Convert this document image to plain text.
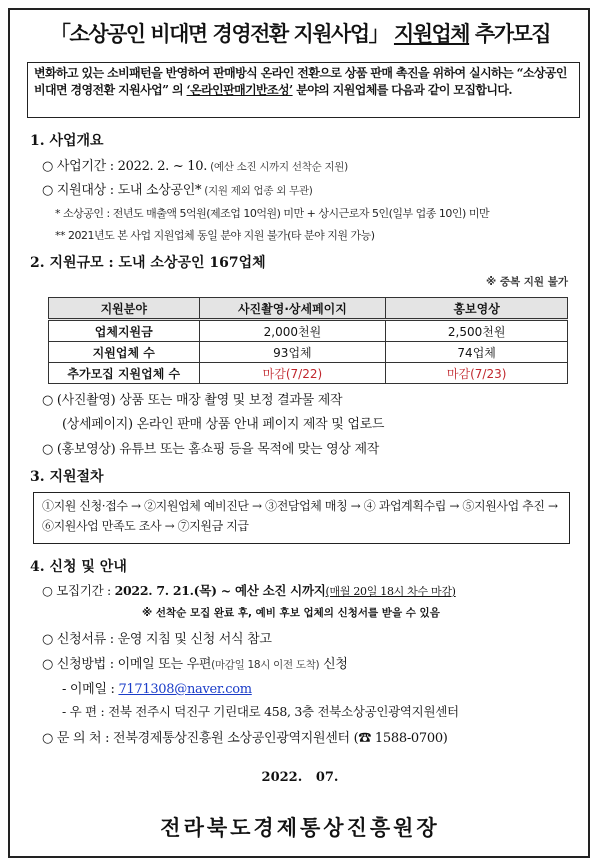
「소상공인 비대면 경영전환 지원사업」 지원업체 추가모집
변화하고 있는 소비패턴을 반영하여 판매방식 온라인 전환으로 상품 판매 촉진을 위하여 실시하는 “소상공인 비대면 경영전환 지원사업” 의 ‘온라인판매기반조성’ 분야의 지원업체를 다음과 같이 모집합니다.
1. 사업개요
○ 사업기간 : 2022. 2. ~ 10. (예산 소진 시까지 선착순 지원)
○ 지원대상 : 도내 소상공인* (지원 제외 업종 외 무관)
* 소상공인 : 전년도 매출액 5억원(제조업 10억원) 미만 + 상시근로자 5인(일부 업종 10인) 미만
** 2021년도 본 사업 지원업체 동일 분야 지원 불가(타 분야 지원 가능)
2. 지원규모 : 도내 소상공인 167업체
※ 중복 지원 불가
지원분야	사진촬영·상세페이지	홍보영상
업체지원금	2,000천원	2,500천원
지원업체 수	93업체	74업체
추가모집 지원업체 수	마감(7/22)	마감(7/23)
○ (사진촬영) 상품 또는 매장 촬영 및 보정 결과물 제작
(상세페이지) 온라인 판매 상품 안내 페이지 제작 및 업로드
○ (홍보영상) 유튜브 또는 홈쇼핑 등을 목적에 맞는 영상 제작
3. 지원절차
①지원 신청·접수 → ②지원업체 예비진단 → ③전담업체 매칭 → ④ 과업계획수립 → ⑤지원사업 추진 → ⑥지원사업 만족도 조사 → ⑦지원금 지급
4. 신청 및 안내
○ 모집기간 : 2022. 7. 21.(목) ~ 예산 소진 시까지(매월 20일 18시 차수 마감)
※ 선착순 모집 완료 후, 예비 후보 업체의 신청서를 받을 수 있음
○ 신청서류 : 운영 지침 및 신청 서식 참고
○ 신청방법 : 이메일 또는 우편(마감일 18시 이전 도착) 신청
- 이메일 : 7171308@naver.com
- 우 편 : 전북 전주시 덕진구 기린대로 458, 3층 전북소상공인광역지원센터
○ 문 의 처 : 전북경제통상진흥원 소상공인광역지원센터 (☎ 1588-0700)
2022.   07.
전라북도경제통상진흥원장
